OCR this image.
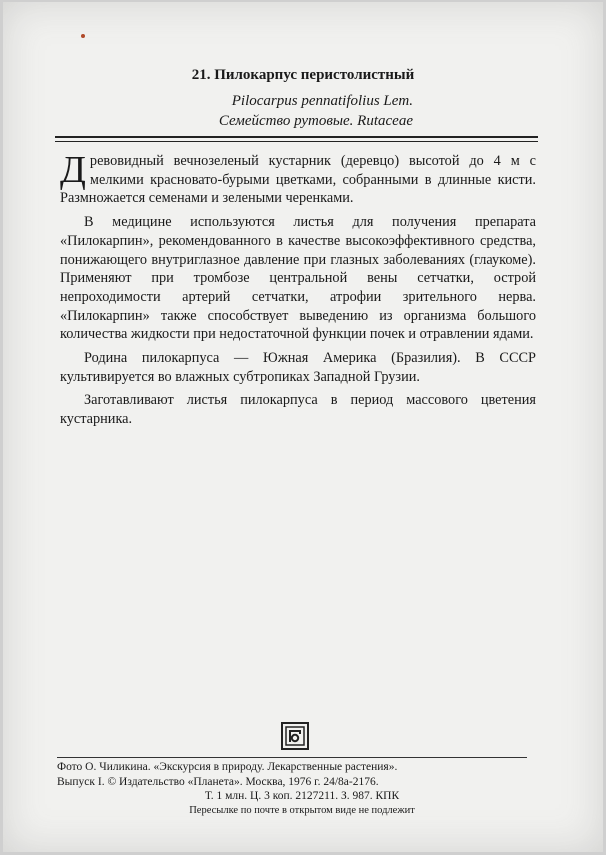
21. Пилокарпус перистолистный
Pilocarpus pennatifolius Lem.
Семейство рутовые. Rutaceae

Древовидный вечнозеленый кустарник (деревцо) высотой до 4 м с мелкими красновато-бурыми цветками, собранными в длинные кисти. Размножается семенами и зелеными черенками.

В медицине используются листья для получения препарата «Пилокарпин», рекомендованного в качестве высокоэффективного средства, понижающего внутриглазное давление при глазных заболеваниях (глаукоме). Применяют при тромбозе центральной вены сетчатки, острой непроходимости артерий сетчатки, атрофии зрительного нерва. «Пилокарпин» также способствует выведению из организма большого количества жидкости при недостаточной функции почек и отравлении ядами.

Родина пилокарпуса — Южная Америка (Бразилия). В СССР культивируется во влажных субтропиках Западной Грузии.

Заготавливают листья пилокарпуса в период массового цветения кустарника.

Фото О. Чиликина. «Экскурсия в природу. Лекарственные растения».
Выпуск I. © Издательство «Планета». Москва, 1976 г. 24/8а-2176.
Т. 1 млн. Ц. 3 коп. 2127211. З. 987. КПК
Пересылке по почте в открытом виде не подлежит
